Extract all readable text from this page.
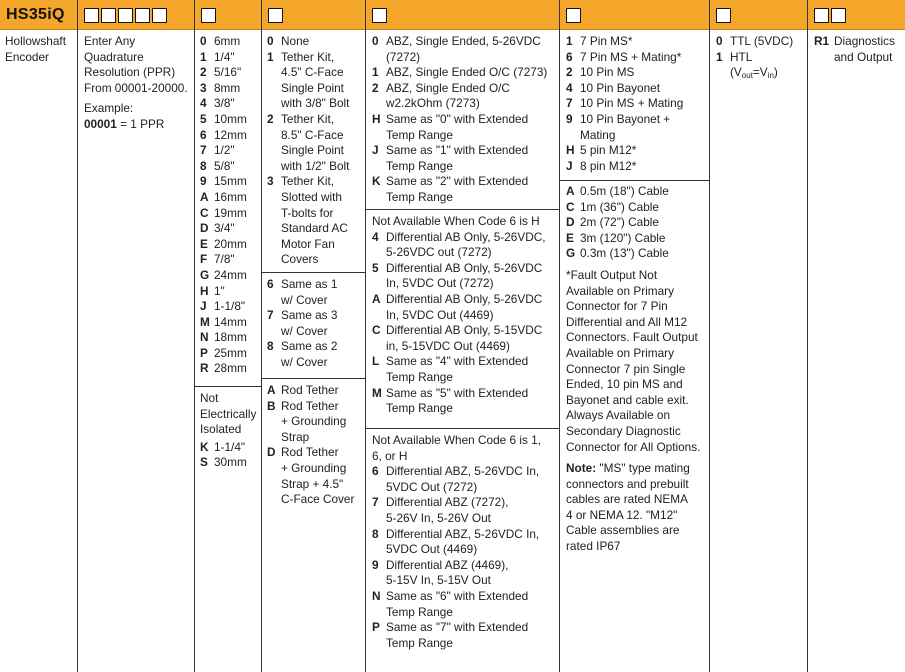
HS35iQ
Hollowshaft
Encoder
Enter Any
Quadrature
Resolution (PPR)
From 00001-20000.
Example:
00001 = 1 PPR
0 6mm
1 1/4"
2 5/16"
3 8mm
4 3/8"
5 10mm
6 12mm
7 1/2"
8 5/8"
9 15mm
A 16mm
C 19mm
D 3/4"
E 20mm
F 7/8"
G 24mm
H 1"
J 1-1/8"
M 14mm
N 18mm
P 25mm
R 28mm
Not
Electrically
Isolated
K 1-1/4"
S 30mm
0 None
1 Tether Kit,
4.5" C-Face
Single Point
with 3/8" Bolt
2 Tether Kit,
8.5" C-Face
Single Point
with 1/2" Bolt
3 Tether Kit,
Slotted with
T-bolts for
Standard AC
Motor Fan
Covers
6 Same as 1
w/ Cover
7 Same as 3
w/ Cover
8 Same as 2
w/ Cover
A Rod Tether
B Rod Tether
+ Grounding
Strap
D Rod Tether
+ Grounding
Strap + 4.5"
C-Face Cover
0 ABZ, Single Ended, 5-26VDC
(7272)
1 ABZ, Single Ended O/C (7273)
2 ABZ, Single Ended O/C
w2.2kOhm (7273)
H Same as "0" with Extended
Temp Range
J Same as "1" with Extended
Temp Range
K Same as "2" with Extended
Temp Range
Not Available When Code 6 is H
4 Differential AB Only, 5-26VDC,
5-26VDC out (7272)
5 Differential AB Only, 5-26VDC
In, 5VDC Out (7272)
A Differential AB Only, 5-26VDC
In, 5VDC Out (4469)
C Differential AB Only, 5-15VDC
in, 5-15VDC Out (4469)
L Same as "4" with Extended
Temp Range
M Same as "5" with Extended
Temp Range
Not Available When Code 6 is 1, 6, or H
6 Differential ABZ, 5-26VDC In,
5VDC Out (7272)
7 Differential ABZ (7272),
5-26V In, 5-26V Out
8 Differential ABZ, 5-26VDC In,
5VDC Out (4469)
9 Differential ABZ (4469),
5-15V In, 5-15V Out
N Same as "6" with Extended
Temp Range
P Same as "7" with Extended
Temp Range
1 7 Pin MS*
6 7 Pin MS + Mating*
2 10 Pin MS
4 10 Pin Bayonet
7 10 Pin MS + Mating
9 10 Pin Bayonet +
Mating
H 5 pin M12*
J 8 pin M12*
A 0.5m (18") Cable
C 1m (36") Cable
D 2m (72") Cable
E 3m (120") Cable
G 0.3m (13") Cable
*Fault Output Not
Available on Primary
Connector for 7 Pin
Differential and All M12
Connectors. Fault Output
Available on Primary
Connector 7 pin Single
Ended, 10 pin MS and
Bayonet and cable exit.
Always Available on
Secondary Diagnostic
Connector for All Options.
Note: "MS" type mating
connectors and prebuilt
cables are rated NEMA
4 or NEMA 12. "M12"
Cable assemblies are
rated IP67
0 TTL (5VDC)
1 HTL $(V_{out}=V_{in})$
R1 Diagnostics
and Output
